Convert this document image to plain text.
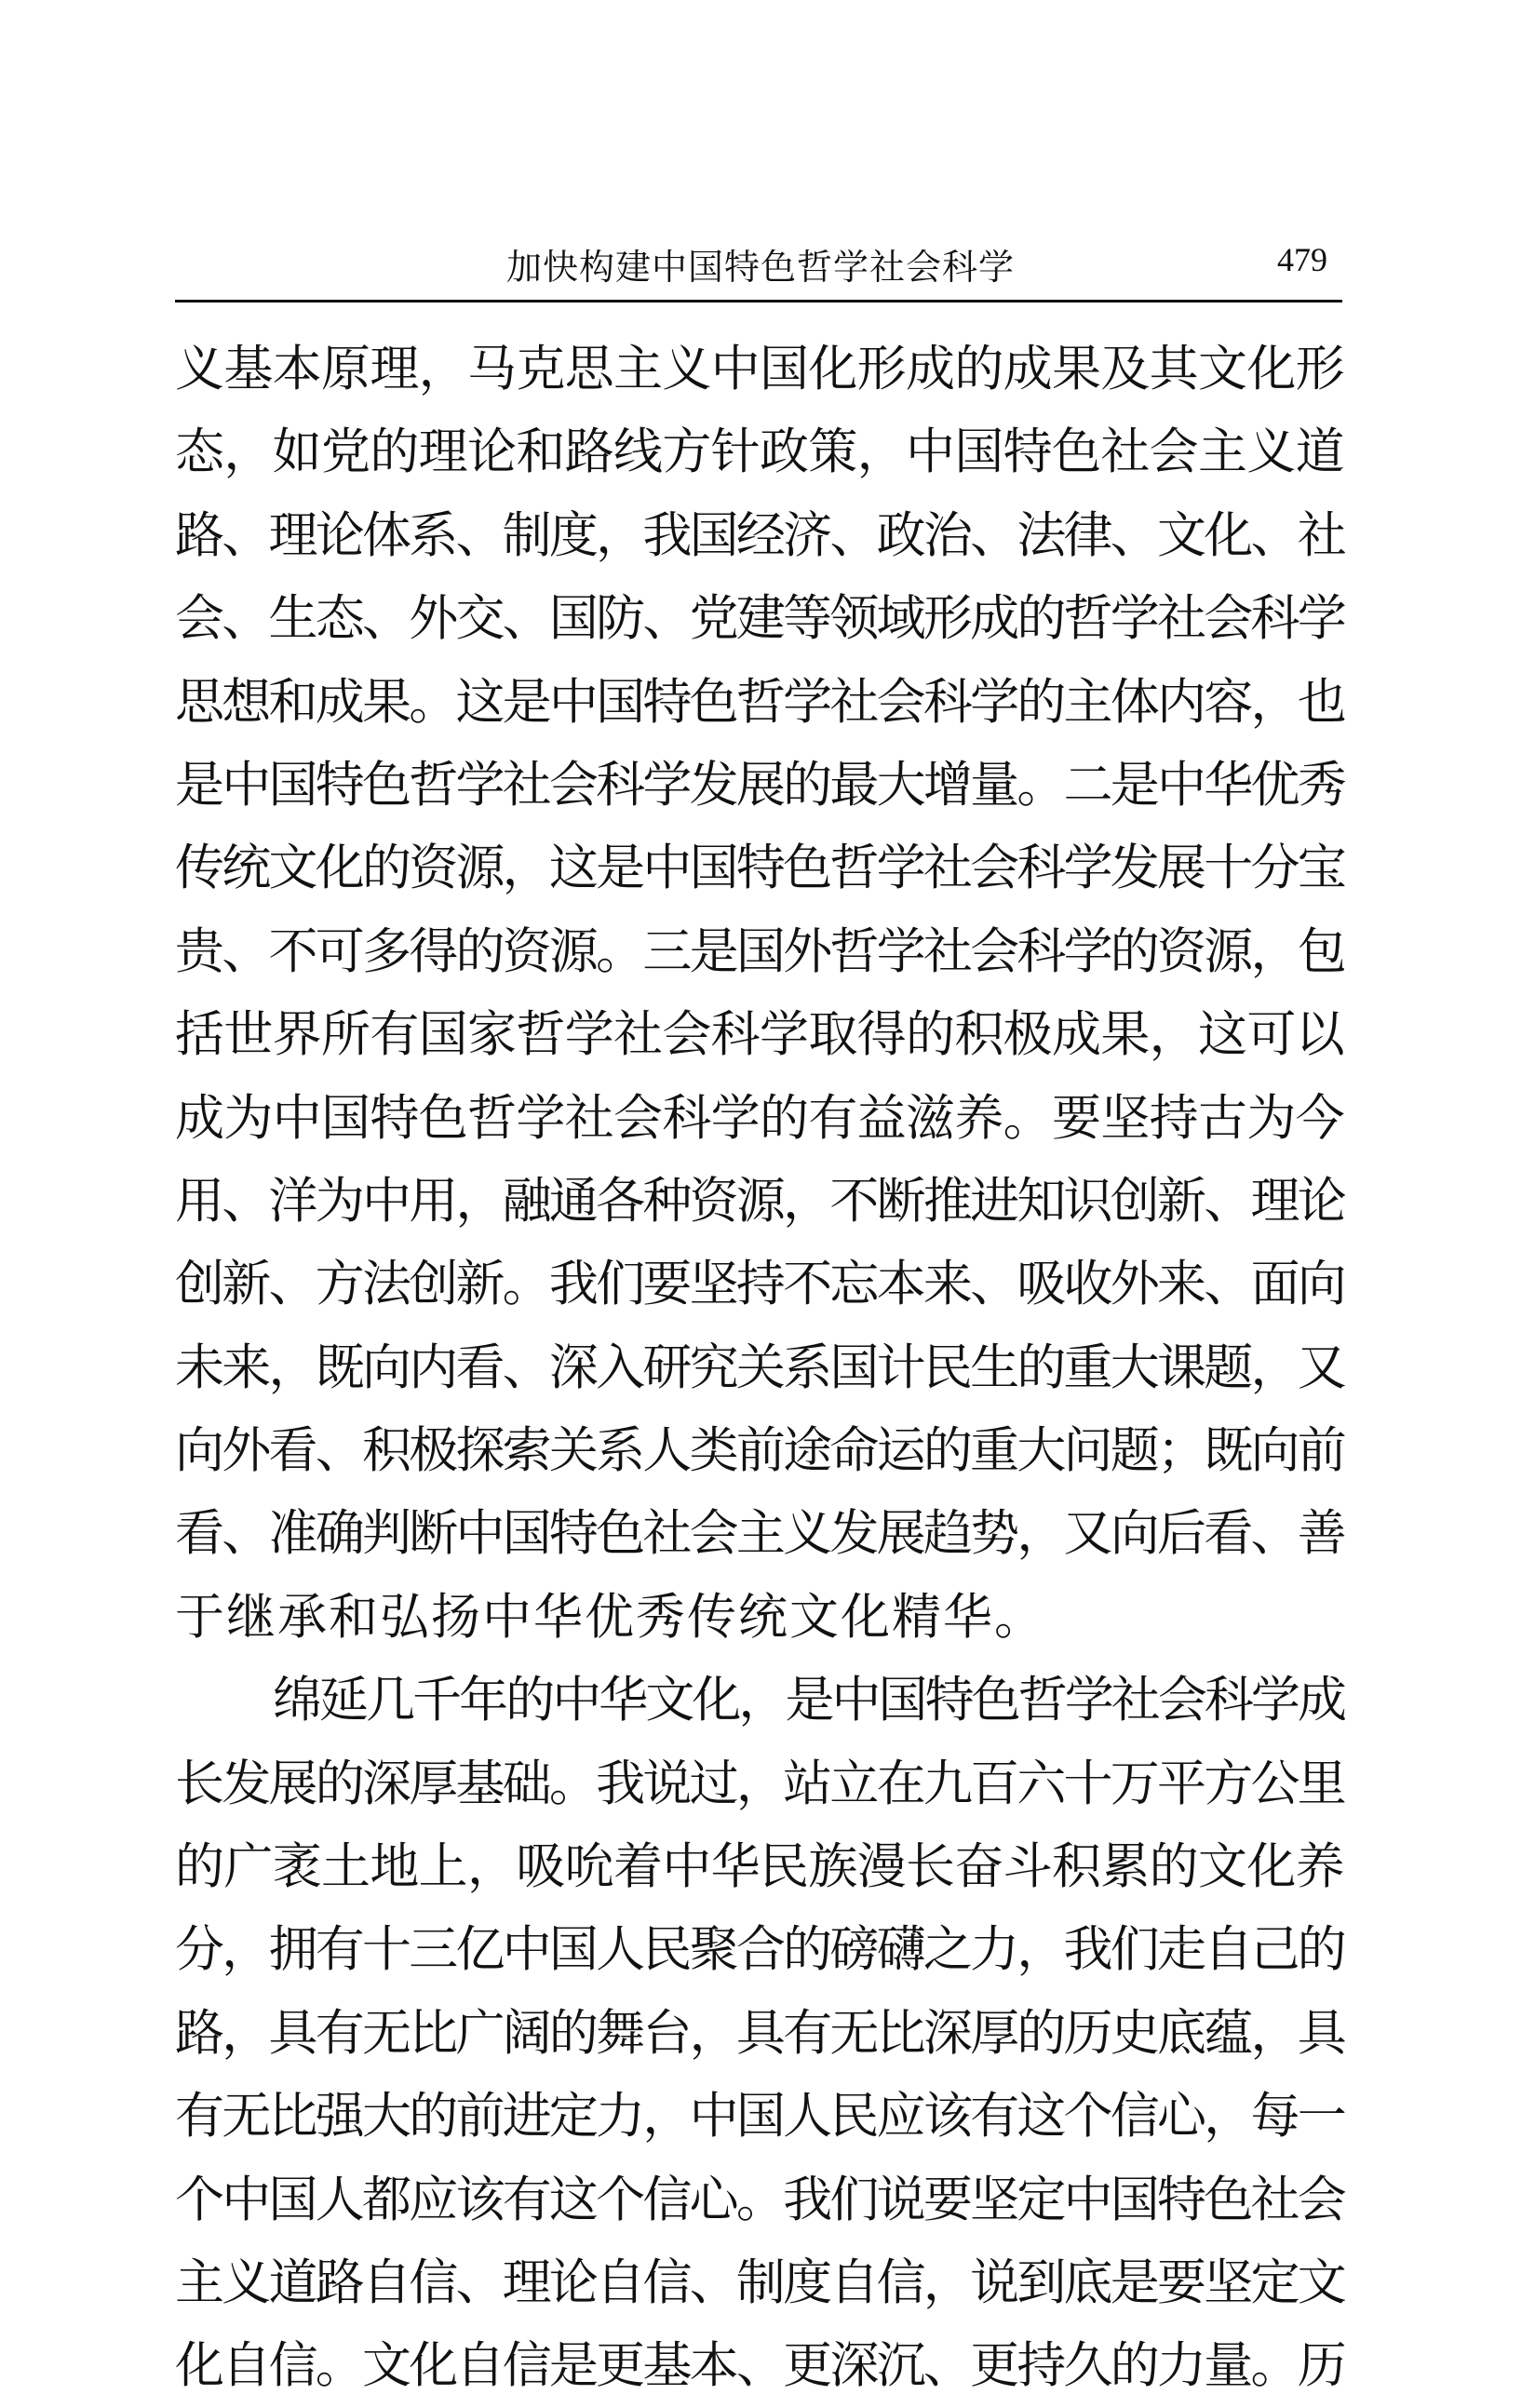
加快构建中国特色哲学社会科学	479
义基本原理，马克思主义中国化形成的成果及其文化形
态，如党的理论和路线方针政策，中国特色社会主义道
路、理论体系、制度，我国经济、政治、法律、文化、社
会、生态、外交、国防、党建等领域形成的哲学社会科学
思想和成果。这是中国特色哲学社会科学的主体内容，也
是中国特色哲学社会科学发展的最大增量。二是中华优秀
传统文化的资源，这是中国特色哲学社会科学发展十分宝
贵、不可多得的资源。三是国外哲学社会科学的资源，包
括世界所有国家哲学社会科学取得的积极成果，这可以
成为中国特色哲学社会科学的有益滋养。要坚持古为今
用、洋为中用，融通各种资源，不断推进知识创新、理论
创新、方法创新。我们要坚持不忘本来、吸收外来、面向
未来，既向内看、深入研究关系国计民生的重大课题，又
向外看、积极探索关系人类前途命运的重大问题；既向前
看、准确判断中国特色社会主义发展趋势，又向后看、善
于继承和弘扬中华优秀传统文化精华。
绵延几千年的中华文化，是中国特色哲学社会科学成
长发展的深厚基础。我说过，站立在九百六十万平方公里
的广袤土地上，吸吮着中华民族漫长奋斗积累的文化养
分，拥有十三亿中国人民聚合的磅礴之力，我们走自己的
路，具有无比广阔的舞台，具有无比深厚的历史底蕴，具
有无比强大的前进定力，中国人民应该有这个信心，每一
个中国人都应该有这个信心。我们说要坚定中国特色社会
主义道路自信、理论自信、制度自信，说到底是要坚定文
化自信。文化自信是更基本、更深沉、更持久的力量。历
